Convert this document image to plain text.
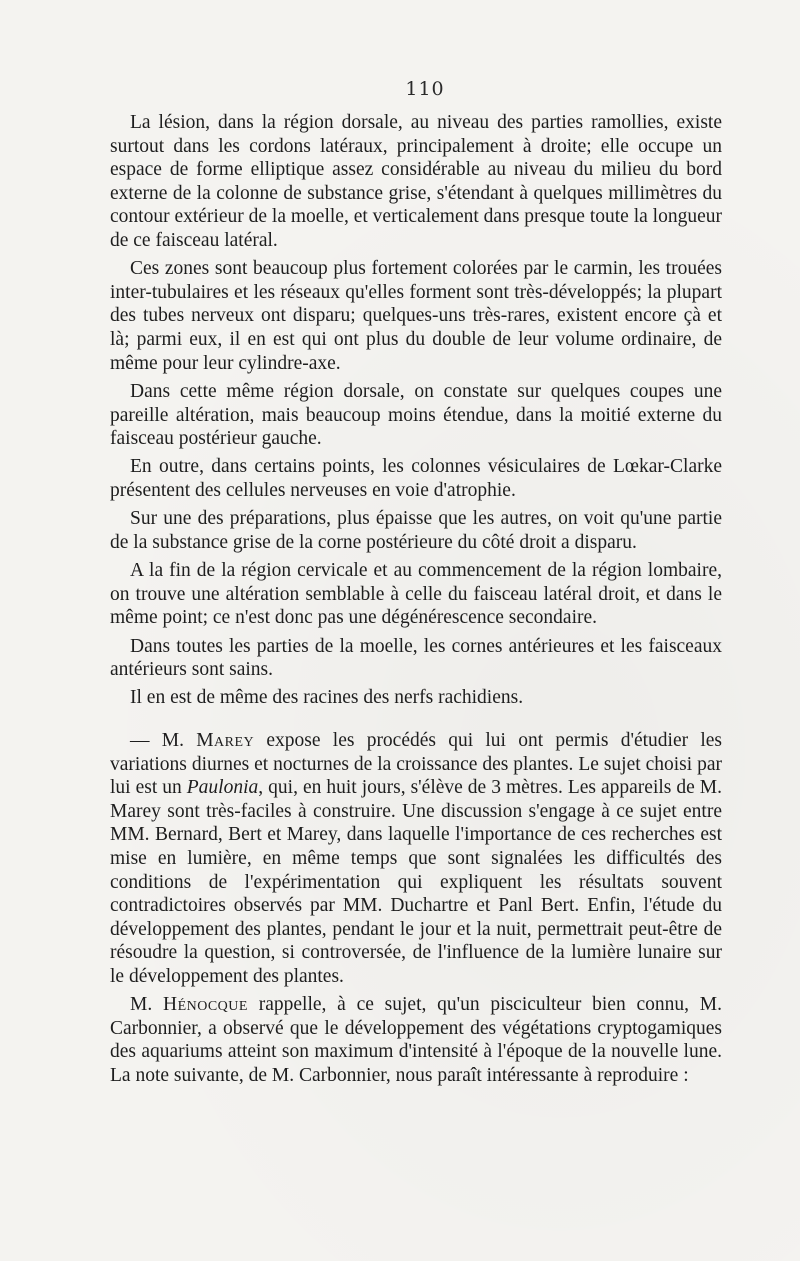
110

La lésion, dans la région dorsale, au niveau des parties ramollies, existe surtout dans les cordons latéraux, principalement à droite; elle occupe un espace de forme elliptique assez considérable au niveau du milieu du bord externe de la colonne de substance grise, s'étendant à quelques millimètres du contour extérieur de la moelle, et verticalement dans presque toute la longueur de ce faisceau latéral.

Ces zones sont beaucoup plus fortement colorées par le carmin, les trouées inter-tubulaires et les réseaux qu'elles forment sont très-développés; la plupart des tubes nerveux ont disparu; quelques-uns très-rares, existent encore çà et là; parmi eux, il en est qui ont plus du double de leur volume ordinaire, de même pour leur cylindre-axe.

Dans cette même région dorsale, on constate sur quelques coupes une pareille altération, mais beaucoup moins étendue, dans la moitié externe du faisceau postérieur gauche.

En outre, dans certains points, les colonnes vésiculaires de Lœkar-Clarke présentent des cellules nerveuses en voie d'atrophie.

Sur une des préparations, plus épaisse que les autres, on voit qu'une partie de la substance grise de la corne postérieure du côté droit a disparu.

A la fin de la région cervicale et au commencement de la région lombaire, on trouve une altération semblable à celle du faisceau latéral droit, et dans le même point; ce n'est donc pas une dégénérescence secondaire.

Dans toutes les parties de la moelle, les cornes antérieures et les faisceaux antérieurs sont sains.

Il en est de même des racines des nerfs rachidiens.

— M. Marey expose les procédés qui lui ont permis d'étudier les variations diurnes et nocturnes de la croissance des plantes. Le sujet choisi par lui est un Paulonia, qui, en huit jours, s'élève de 3 mètres. Les appareils de M. Marey sont très-faciles à construire. Une discussion s'engage à ce sujet entre MM. Bernard, Bert et Marey, dans laquelle l'importance de ces recherches est mise en lumière, en même temps que sont signalées les difficultés des conditions de l'expérimentation qui expliquent les résultats souvent contradictoires observés par MM. Duchartre et Panl Bert. Enfin, l'étude du développement des plantes, pendant le jour et la nuit, permettrait peut-être de résoudre la question, si controversée, de l'influence de la lumière lunaire sur le développement des plantes.

M. Hénocque rappelle, à ce sujet, qu'un pisciculteur bien connu, M. Carbonnier, a observé que le développement des végétations cryptogamiques des aquariums atteint son maximum d'intensité à l'époque de la nouvelle lune. La note suivante, de M. Carbonnier, nous paraît intéressante à reproduire :
